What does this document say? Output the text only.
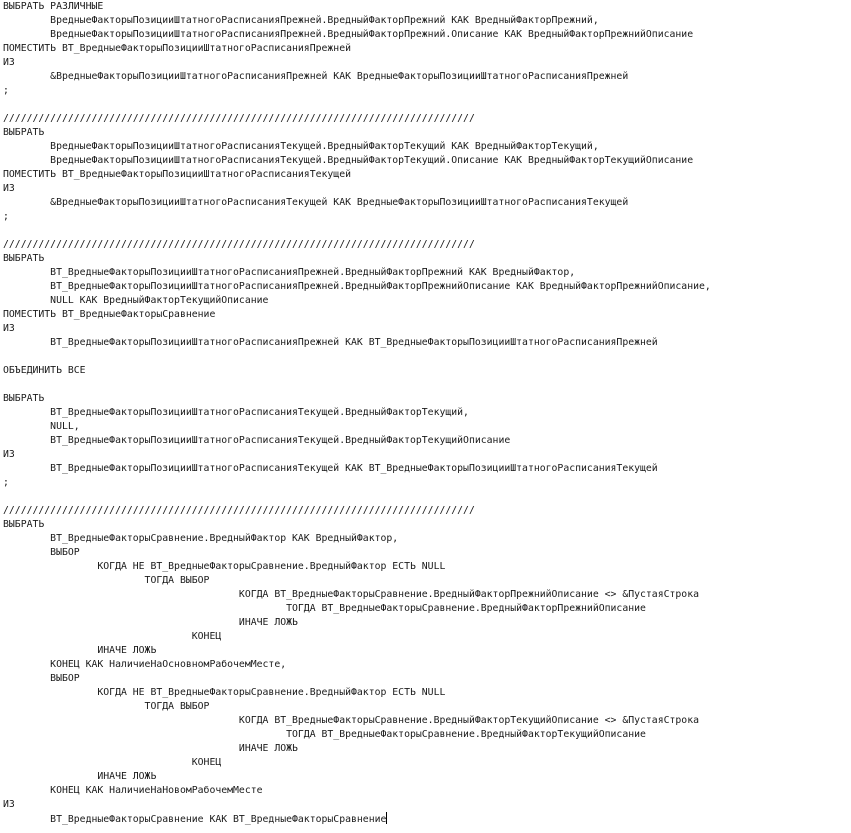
ВЫБРАТЬ РАЗЛИЧНЫЕ
ВредныеФакторыПозицииШтатногоРасписанияПрежней.ВредныйФакторПрежний КАК ВредныйФакторПрежний,
ВредныеФакторыПозицииШтатногоРасписанияПрежней.ВредныйФакторПрежний.Описание КАК ВредныйФакторПрежнийОписание
ПОМЕСТИТЬ ВТ_ВредныеФакторыПозицииШтатногоРасписанияПрежней
ИЗ
&ВредныеФакторыПозицииШтатногоРасписанияПрежней КАК ВредныеФакторыПозицииШтатногоРасписанияПрежней
;
////////////////////////////////////////////////////////////////////////////////
ВЫБРАТЬ
ВредныеФакторыПозицииШтатногоРасписанияТекущей.ВредныйФакторТекущий КАК ВредныйФакторТекущий,
ВредныеФакторыПозицииШтатногоРасписанияТекущей.ВредныйФакторТекущий.Описание КАК ВредныйФакторТекущийОписание
ПОМЕСТИТЬ ВТ_ВредныеФакторыПозицииШтатногоРасписанияТекущей
ИЗ
&ВредныеФакторыПозицииШтатногоРасписанияТекущей КАК ВредныеФакторыПозицииШтатногоРасписанияТекущей
;
////////////////////////////////////////////////////////////////////////////////
ВЫБРАТЬ
ВТ_ВредныеФакторыПозицииШтатногоРасписанияПрежней.ВредныйФакторПрежний КАК ВредныйФактор,
ВТ_ВредныеФакторыПозицииШтатногоРасписанияПрежней.ВредныйФакторПрежнийОписание КАК ВредныйФакторПрежнийОписание,
NULL КАК ВредныйФакторТекущийОписание
ПОМЕСТИТЬ ВТ_ВредныеФакторыСравнение
ИЗ
ВТ_ВредныеФакторыПозицииШтатногоРасписанияПрежней КАК ВТ_ВредныеФакторыПозицииШтатногоРасписанияПрежней
ОБЪЕДИНИТЬ ВСЕ
ВЫБРАТЬ
ВТ_ВредныеФакторыПозицииШтатногоРасписанияТекущей.ВредныйФакторТекущий,
NULL,
ВТ_ВредныеФакторыПозицииШтатногоРасписанияТекущей.ВредныйФакторТекущийОписание
ИЗ
ВТ_ВредныеФакторыПозицииШтатногоРасписанияТекущей КАК ВТ_ВредныеФакторыПозицииШтатногоРасписанияТекущей
;
////////////////////////////////////////////////////////////////////////////////
ВЫБРАТЬ
ВТ_ВредныеФакторыСравнение.ВредныйФактор КАК ВредныйФактор,
ВЫБОР
КОГДА НЕ ВТ_ВредныеФакторыСравнение.ВредныйФактор ЕСТЬ NULL
ТОГДА ВЫБОР
КОГДА ВТ_ВредныеФакторыСравнение.ВредныйФакторПрежнийОписание <> &ПустаяСтрока
ТОГДА ВТ_ВредныеФакторыСравнение.ВредныйФакторПрежнийОписание
ИНАЧЕ ЛОЖЬ
КОНЕЦ
ИНАЧЕ ЛОЖЬ
КОНЕЦ КАК НаличиеНаОсновномРабочемМесте,
ВЫБОР
КОГДА НЕ ВТ_ВредныеФакторыСравнение.ВредныйФактор ЕСТЬ NULL
ТОГДА ВЫБОР
КОГДА ВТ_ВредныеФакторыСравнение.ВредныйФакторТекущийОписание <> &ПустаяСтрока
ТОГДА ВТ_ВредныеФакторыСравнение.ВредныйФакторТекущийОписание
ИНАЧЕ ЛОЖЬ
КОНЕЦ
ИНАЧЕ ЛОЖЬ
КОНЕЦ КАК НаличиеНаНовомРабочемМесте
ИЗ
ВТ_ВредныеФакторыСравнение КАК ВТ_ВредныеФакторыСравнение
